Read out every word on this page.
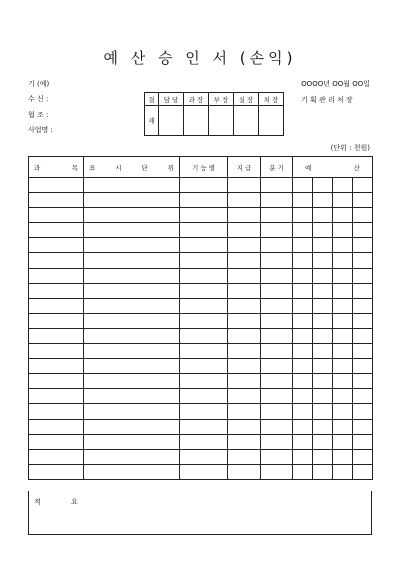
예 산 승 인 서 (손익)
기 (예)
수 신 :
협 조 :
사업명 :
OOOO년 OO월 OO일
기 획 관 리 처 장
결	담 당	과 장	부 장	실 장	처 장
재					
(단위 : 천원)
과 목	표 시 단 위	기 능 별	지 급	분 기	예 산			

적 요
